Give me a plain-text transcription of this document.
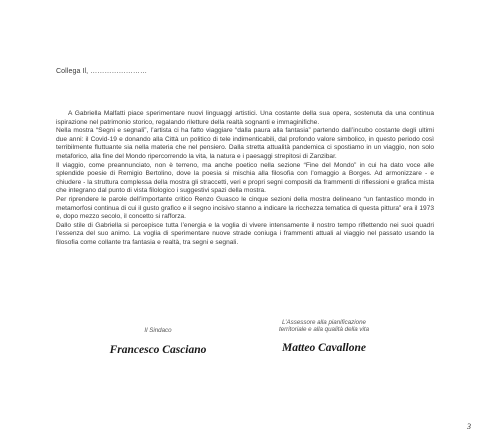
Collega Il, ……………………

A Gabriella Malfatti piace sperimentare nuovi linguaggi artistici. Una costante della sua opera, sostenuta da una continua ispirazione nel patrimonio storico, regalando riletture della realtà sognanti e immaginifiche.

Nella mostra “Segni e segnali”, l’artista ci ha fatto viaggiare “dalla paura alla fantasia” partendo dall’incubo costante degli ultimi due anni: il Covid-19 e donando alla Città un politico di tele indimenticabili, dal profondo valore simbolico, in questo periodo così terribilmente fluttuante sia nella materia che nel pensiero. Dalla stretta attualità pandemica ci spostiamo in un viaggio, non solo metaforico, alla fine del Mondo ripercorrendo la vita, la natura e i paesaggi strepitosi di Zanzibar.

Il viaggio, come preannunciato, non è terreno, ma anche poetico nella sezione “Fine del Mondo” in cui ha dato voce alle splendide poesie di Remigio Bertolino, dove la poesia si mischia alla filosofia con l’omaggio a Borges. Ad armonizzare - e chiudere - la struttura complessa della mostra gli straccetti, veri e propri segni compositi da frammenti di riflessioni e grafica mista che integrano dal punto di vista filologico i suggestivi spazi della mostra.

Per riprendere le parole dell’importante critico Renzo Guasco le cinque sezioni della mostra delineano “un fantastico mondo in metamorfosi continua di cui il gusto grafico e il segno incisivo stanno a indicare la ricchezza tematica di questa pittura” era il 1973 e, dopo mezzo secolo, il concetto si rafforza.

Dallo stile di Gabriella si percepisce tutta l’energia e la voglia di vivere intensamente il nostro tempo riflettendo nei suoi quadri l’essenza del suo animo. La voglia di sperimentare nuove strade coniuga i frammenti attuali al viaggio nel passato usando la filosofia come collante tra fantasia e realtà, tra segni e segnali.

Il Sindaco
Francesco Casciano
L’Assessore alla pianificazione
territoriale e alla qualità della vita
Matteo Cavallone
3
